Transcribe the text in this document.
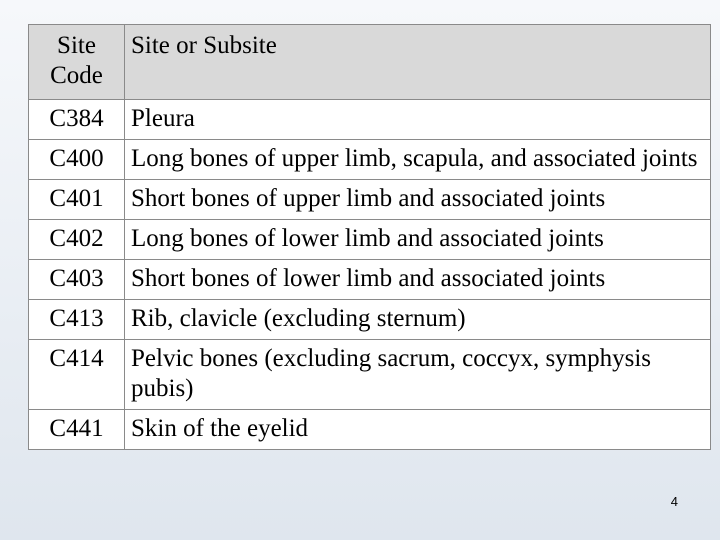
Site Code	Site or Subsite
C384	Pleura
C400	Long bones of upper limb, scapula, and associated joints
C401	Short bones of upper limb and associated joints
C402	Long bones of lower limb and associated joints
C403	Short bones of lower limb and associated joints
C413	Rib, clavicle (excluding sternum)
C414	Pelvic bones (excluding sacrum, coccyx, symphysis pubis)
C441	Skin of the eyelid
4
